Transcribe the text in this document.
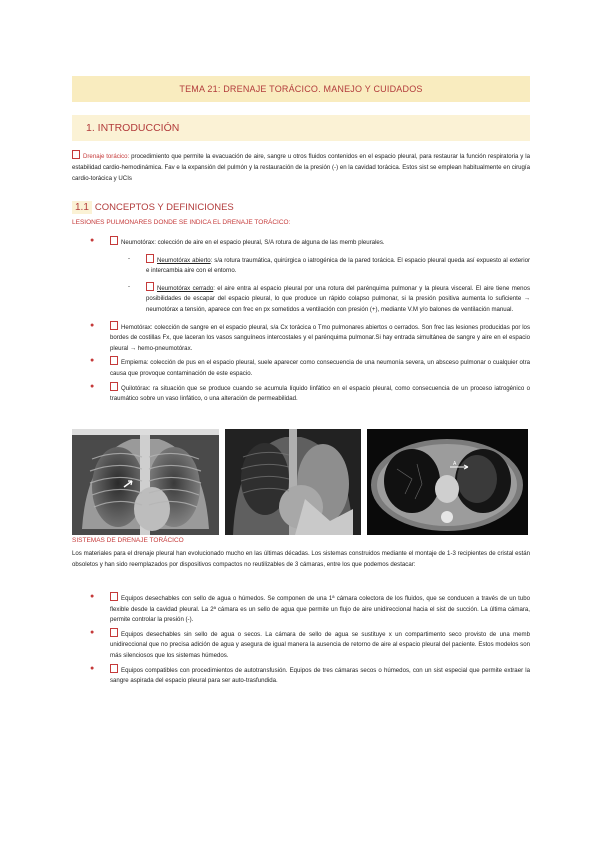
TEMA 21: DRENAJE TORÁCICO. MANEJO Y CUIDADOS
1. INTRODUCCIÓN
Drenaje torácico: procedimiento que permite la evacuación de aire, sangre u otros fluidos contenidos en el espacio pleural, para restaurar la función respiratoria y la estabilidad cardio-hemodinámica. Fav e la expansión del pulmón y la restauración de la presión (-) en la cavidad torácica. Estos sist se emplean habitualmente en cirugía cardio-torácica y UCIs
1.1 CONCEPTOS Y DEFINICIONES
LESIONES PULMONARES DONDE SE INDICA EL DRENAJE TORÁCICO:
●	Neumotórax: colección de aire en el espacio pleural, S/A rotura de alguna de las memb pleurales.
-	Neumotórax abierto: s/a rotura traumática, quirúrgica o iatrogénica de la pared torácica. El espacio pleural queda así expuesto al exterior e intercambia aire con el entorno.
-	Neumotórax cerrado: el aire entra al espacio pleural por una rotura del parénquima pulmonar y la pleura visceral. El aire tiene menos posibilidades de escapar del espacio pleural, lo que produce un rápido colapso pulmonar, si la presión positiva aumenta lo suficiente → neumotórax a tensión, aparece con frec en px sometidos a ventilación con presión (+), mediante V.M y/o balones de ventilación manual.
●	Hemotórax: colección de sangre en el espacio pleural, s/a Cx torácica o Tmo pulmonares abiertos o cerrados. Son frec las lesiones producidas por los bordes de costillas Fx, que laceran los vasos sanguíneos intercostales y el parénquima pulmonar.Si hay entrada simultánea de sangre y aire en el espacio pleural → hemo-pneumotórax.
●	Empiema: colección de pus en el espacio pleural, suele aparecer como consecuencia de una neumonía severa, un absceso pulmonar o cualquier otra causa que provoque contaminación de este espacio.
●	Quilotórax: ra situación que se produce cuando se acumula líquido linfático en el espacio pleural, como consecuencia de un proceso iatrogénico o traumático sobre un vaso linfático, o una alteración de permeabilidad.
A
SISTEMAS DE DRENAJE TORÁCICO
Los materiales para el drenaje pleural han evolucionado mucho en las últimas décadas. Los sistemas construidos mediante el montaje de 1-3 recipientes de cristal están obsoletos y han sido reemplazados por dispositivos compactos no reutilizables de 3 cámaras, entre los que podemos destacar:
●	Equipos desechables con sello de agua o húmedos. Se componen de una 1ª cámara colectora de los fluidos, que se conducen a través de un tubo flexible desde la cavidad pleural. La 2ª cámara es un sello de agua que permite un flujo de aire unidireccional hacia el sist de succión. La última cámara, permite controlar la presión (-).
●	Equipos desechables sin sello de agua o secos. La cámara de sello de agua se sustituye x un compartimento seco provisto de una memb unidireccional que no precisa adición de agua y asegura de igual manera la ausencia de retorno de aire al espacio pleural del paciente. Estos modelos son más silenciosos que los sistemas húmedos.
●	Equipos compatibles con procedimientos de autotransfusión. Equipos de tres cámaras secos o húmedos, con un sist especial que permite extraer la sangre aspirada del espacio pleural para ser auto-trasfundida.
